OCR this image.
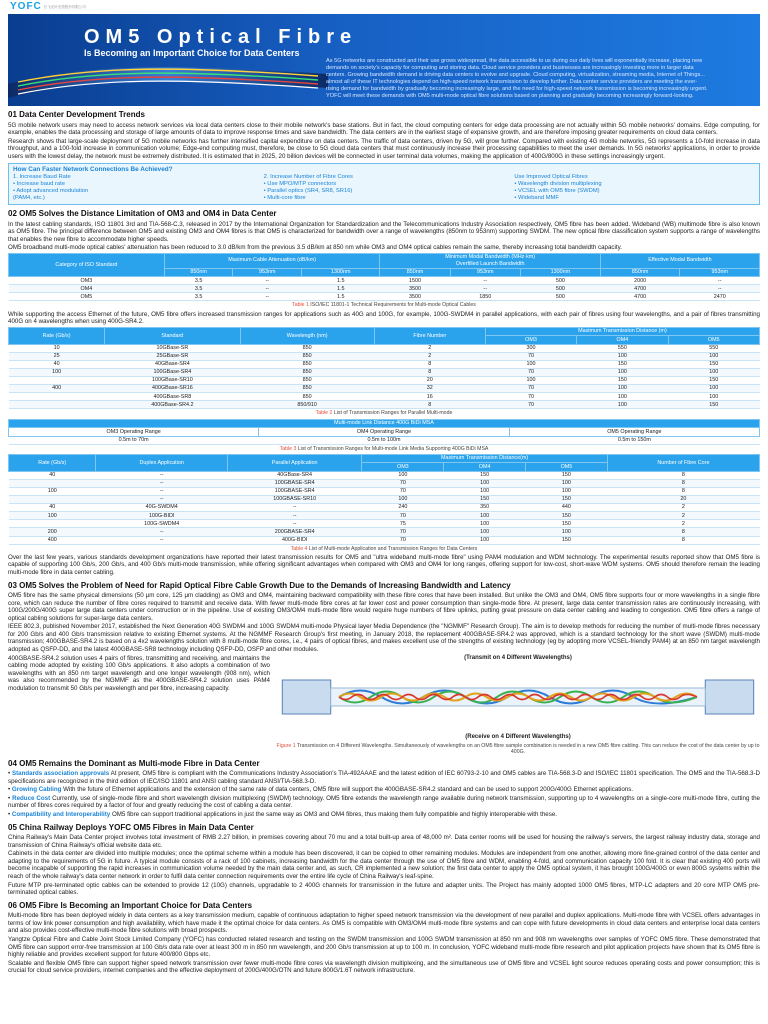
YOFC 长飞光纤光缆股份有限公司
OM5 Optical Fibre
Is Becoming an Important Choice for Data Centers
As 5G networks are constructed and their use grows widespread, the data accessible to us during our daily lives will exponentially increase, placing new demands on society's capacity for computing and storing data. Cloud service providers and businesses are increasingly investing more in larger data centers. Growing bandwidth demand is driving data centers to evolve and upgrade. Cloud computing, virtualization, streaming media, Internet of Things... almost all of these IT technologies depend on high-speed network transmission to develop further. Data center service providers are meeting the ever-rising demand for bandwidth by gradually becoming increasingly large, and the need for high-speed network transmission is becoming increasingly urgent. YOFC will meet these demands with OM5 multi-mode optical fibre solutions based on planning and gradually becoming increasingly forward-looking.
01 Data Center Development Trends

5G mobile network users may need to access network services via local data centers close to their mobile network's base stations. But in fact, the cloud computing centers for edge data processing are not actually within 5G mobile networks' domains. Edge computing, for example, enables the data processing and storage of large amounts of data to improve response times and save bandwidth. The data centers are in the earliest stage of expansive growth, and are therefore imposing greater requirements on cloud data centers.

Research shows that large-scale deployment of 5G mobile networks has further intensified capital expenditure on data centers. The traffic of data centers, driven by 5G, will grow further. Compared with existing 4G mobile networks, 5G represents a 10-fold increase in data throughput, and a 100-fold increase in communication volume; Edge-end computing must, therefore, be close to 5G cloud data centers that must continuously increase their processing capabilities to meet the user demands. In 5G networks' applications, in order to provide users with the lowest delay, the network must be extremely distributed. It is estimated that in 2025, 20 billion devices will be connected in user terminal data volumes, making the application of 400G/800G in these settings increasingly urgent.

How Can Faster Network Connections Be Achieved?
1. Increase Baud Rate
• Increase baud rate
• Adopt advanced modulation
(PAM4, etc.)
2. Increase Number of Fibre Cores
• Use MPO/MTP connectors
• Parallel optics (SR4, SR8, SR16)
• Multi-core fibre
Use Improved Optical Fibres
• Wavelength division multiplexing
• VCSEL with OM5 fibre (SWDM)
• Wideband MMF
02 OM5 Solves the Distance Limitation of OM3 and OM4 in Data Center

In the latest cabling standards, ISO 11801 3rd and TIA-568-C.3, released in 2017 by the International Organization for Standardization and the Telecommunications Industry Association respectively, OM5 fibre has been added. Wideband (WB) multimode fibre is also known as OM5 fibre. The principal difference between OM5 and existing OM3 and OM4 fibres is that OM5 is characterized for bandwidth over a range of wavelengths (850nm to 953nm) supporting SWDM. The new optical fibre classification system supports a range of wavelengths that enables the new fibre to accommodate higher speeds.

OM5 broadband multi-mode optical cables' attenuation has been reduced to 3.0 dB/km from the previous 3.5 dB/km at 850 nm while OM3 and OM4 optical cables remain the same, thereby increasing total bandwidth capacity.

Category of ISO Standard	Maximum Cable Attenuation (dB/km)			Minimum Modal Bandwidth (MHz·km)
Overfilled Launch Bandwidth			Effective Modal Bandwidth	
	850nm	953nm	1300nm	850nm	953nm	1300nm	850nm	953nm
OM3	3.5	--	1.5	1500	--	500	2000	--
OM4	3.5	--	1.5	3500	--	500	4700	--
OM5	3.5	--	1.5	3500	1850	500	4700	2470
Table 1 ISO/IEC 11801-1 Technical Requirements for Multi-mode Optical Cables

While supporting the access Ethernet of the future, OM5 fibre offers increased transmission ranges for applications such as 40G and 100G, for example, 100G-SWDM4 in parallel applications, with each pair of fibres using four wavelengths, and a pair of fibres transmitting 400G on 4 wavelengths when using 400G-SR4.2.

Rate (Gb/s)	Standard	Wavelength (nm)	Fibre Number	Maximum Transmission Distance (m)		
				OM3	OM4	OM5
10	10GBase-SR	850	2	300	550	550
25	25GBase-SR	850	2	70	100	100
40	40GBase-SR4	850	8	100	150	150
100	100GBase-SR4	850	8	70	100	100
	100GBase-SR10	850	20	100	150	150
400	400GBase-SR16	850	32	70	100	100
	400GBase-SR8	850	16	70	100	100
	400GBase-SR4.2	850/910	8	70	100	150
Table 2 List of Transmission Ranges for Parallel Multi-mode
Multi-mode Link Distance 400G BiDi MSA		
OM3 Operating Range	OM4 Operating Range	OM5 Operating Range
0.5m to 70m	0.5m to 100m	0.5m to 150m
Table 3 List of Transmission Ranges for Multi-mode Link Media Supporting 400G BiDi MSA
Rate (Gb/s)	Duplex Application	Parallel Application	Maximum Transmission Distance(m)			Number of Fibre Core
			OM3	OM4	OM5	
40	--	40GBase-SR4	100	150	150	8
	--	100GBASE-SR4	70	100	100	8
100	--	100GBASE-SR4	70	100	100	8
	--	100GBASE-SR10	100	150	150	20
40	40G-SWDM4	--	240	350	440	2
100	100G-BIDI	--	70	100	150	2
	100G-SWDM4	--	75	100	150	2
200	--	200GBASE-SR4	70	100	100	8
400	--	400G-BIDI	70	100	150	8
Table 4 List of Multi-mode Application and Transmission Ranges for Data Centers

Over the last few years, various standards development organizations have reported their latest transmission results for OM5 and "ultra wideband multi-mode fibre" using PAM4 modulation and WDM technology. The experimental results reported show that OM5 fibre is capable of supporting 100 Gb/s, 200 Gb/s, and 400 Gb/s multi-mode transmission, while offering significant advantages when compared with OM3 and OM4 for long ranges, offering support for low-cost, short-wave WDM systems. OM5 should therefore remain the leading multi-mode fibre in data center cabling.

03 OM5 Solves the Problem of Need for Rapid Optical Fibre Cable Growth Due to the Demands of Increasing Bandwidth and Latency

OM5 fibre has the same physical dimensions (50 μm core, 125 μm cladding) as OM3 and OM4, maintaining backward compatibility with these fibre cores that have been installed. But unlike the OM3 and OM4, OM5 fibre supports four or more wavelengths in a single fibre core, which can reduce the number of fibre cores required to transmit and receive data. With fewer multi-mode fibre cores at far lower cost and power consumption than single-mode fibre. At present, large data center transmission rates are continuously increasing, with 100G/200G/400G super large data centers under construction or in the pipeline. Use of existing OM3/OM4 multi-mode fibre would require huge numbers of fibre uplinks, putting great pressure on data center cabling and leading to congestion. OM5 fibre offers a range of optical cabling solutions for super-large data centers.

IEEE 802.3, published November 2017, established the Next Generation 40G SWDM4 and 100G SWDM4 multi-mode Physical layer Media Dependence (the "NGMMF" Research Group). The aim is to develop methods for reducing the number of multi-mode fibres necessary for 200 Gb/s and 400 Gb/s transmission relative to existing Ethernet systems. At the NGMMF Research Group's first meeting, in January 2018, the replacement 400GBASE-SR4.2 was approved, which is a standard technology for the short wave (SWDM) multi-mode transmission; 400GBASE-SR4.2 is based on a 4x2 wavelengths solution with 8 multi-mode fibre cores, i.e., 4 pairs of optical fibres, and makes excellent use of the strengths of existing technology (eg by adopting more VCSEL-friendly PAM4) at an 850 nm target wavelength adopted as QSFP-DD, and the latest 400GBASE-SR8 technology including QSFP-DD, OSFP and other modules.

400GBASE-SR4.2 solution uses 4 pairs of fibres, transmitting and receiving, and maintains the cabling mode adopted by existing 100 Gb/s applications. It also adopts a combination of two wavelengths with an 850 nm target wavelength and one longer wavelength (908 nm), which was also recommended by the NGMMF as the 400GBASE-SR4.2 solution uses PAM4 modulation to transmit 50 Gb/s per wavelength and per fibre, increasing capacity.

(Transmit on 4 Different Wavelengths)
(Receive on 4 Different Wavelengths)
Figure 1 Transmission on 4 Different Wavelengths. Simultaneously of wavelengths on an OM5 fibre sample combination is needed in a new OM5 fibre cabling. This can reduce the cost of the data center by up to 400G.
04 OM5 Remains the Dominant as Multi-mode Fibre in Data Center
• Standards association approvals At present, OM5 fibre is compliant with the Communications Industry Association's TIA-492AAAE and the latest edition of IEC 60793-2-10 and OM5 cables are TIA-568.3-D and ISO/IEC 11801 specification. The OM5 and the TIA-568.3-D specifications are recognized in the third edition of IEC/ISO 11801 and ANSI cabling standard ANSI/TIA-568.3-D.
• Growing Cabling With the future of Ethernet applications and the extension of the same rate of data centers, OM5 fibre will support the 400GBASE-SR4.2 standard and can be used to support 200G/400G Ethernet applications.
• Reduce Cost Currently, use of single-mode fibre and short wavelength division multiplexing (SWDM) technology. OM5 fibre extends the wavelength range available during network transmission, supporting up to 4 wavelengths on a single-core multi-mode fibre, cutting the number of fibres cores required by a factor of four and greatly reducing the cost of cabling a data center.
• Compatibility and Interoperability OM5 fibre can support traditional applications in just the same way as OM3 and OM4 fibres, thus making them fully compatible and highly interoperable with these.
05 China Railway Deploys YOFC OM5 Fibres in Main Data Center

China Railway's Main Data Center project involves total investment of RMB 2.27 billion, in premises covering about 70 mu and a total built-up area of 48,000 m². Data center rooms will be used for housing the railway's servers, the largest railway industry data, storage and transmission of China Railway's official website data etc.

Cabinets in the data center are divided into multiple modules; once the optimal scheme within a module has been discovered, it can be copied to other remaining modules. Modules are independent from one another, allowing more fine-grained control of the data center and adapting to the requirements of 5G in future. A typical module consists of a rack of 100 cabinets, increasing bandwidth for the data center through the use of OM5 fibre and WDM, enabling 4-fold, and communication capacity 100 fold. It is clear that existing 400 ports will become incapable of supporting the rapid increases in communication volume needed by the main data center and, as such, CR implemented a new solution; the first data center to apply the OM5 optical system, it has brought 100G/400G or even 800G systems within the reach of the whole railway's data center network in order to fulfil data center connection requirements over the entire life cycle of China Railway's leaf-spine.

Future MTP pre-terminated optic cables can be extended to provide 12 (10G) channels, upgradable to 2 400G channels for transmission in the future and adapter units. The Project has mainly adopted 1000 OM5 fibres, MTP-LC adapters and 20 core MTP OM5 pre-terminated optical cables.

06 OM5 Fibre Is Becoming an Important Choice for Data Centers

Multi-mode fibre has been deployed widely in data centers as a key transmission medium, capable of continuous adaptation to higher speed network transmission via the development of new parallel and duplex applications. Multi-mode fibre with VCSEL offers advantages in terms of low link power consumption and high availability, which have made it the optimal choice for data centers. As OM5 is compatible with OM3/OM4 multi-mode fibre systems and can cope with future developments in cloud data centers and enterprise local data centers and also provides cost-effective multi-mode fibre solutions with broad prospects.

Yangtze Optical Fibre and Cable Joint Stock Limited Company (YOFC) has conducted related research and testing on the SWDM transmission and 100G SWDM transmission at 850 nm and 908 nm wavelengths over samples of YOFC OM5 fibre. These demonstrated that OM5 fibre can support error-free transmission at 100 Gb/s data rate over at least 300 m in 850 nm wavelength, and 200 Gb/s transmission at up to 100 m. In conclusion, YOFC wideband multi-mode fibre research and pilot application projects have shown that its OM5 fibre is highly reliable and provides excellent support for future 400/800 Gbps etc.

Scalable and flexible OM5 fibre can support higher speed network transmission over fewer multi-mode fibre cores via wavelength division multiplexing, and the simultaneous use of OM5 fibre and VCSEL light source reduces operating costs and power consumption; this is crucial for cloud service providers, internet companies and the effective deployment of 200G/400G/OTN and future 800G/1.6T network infrastructure.
